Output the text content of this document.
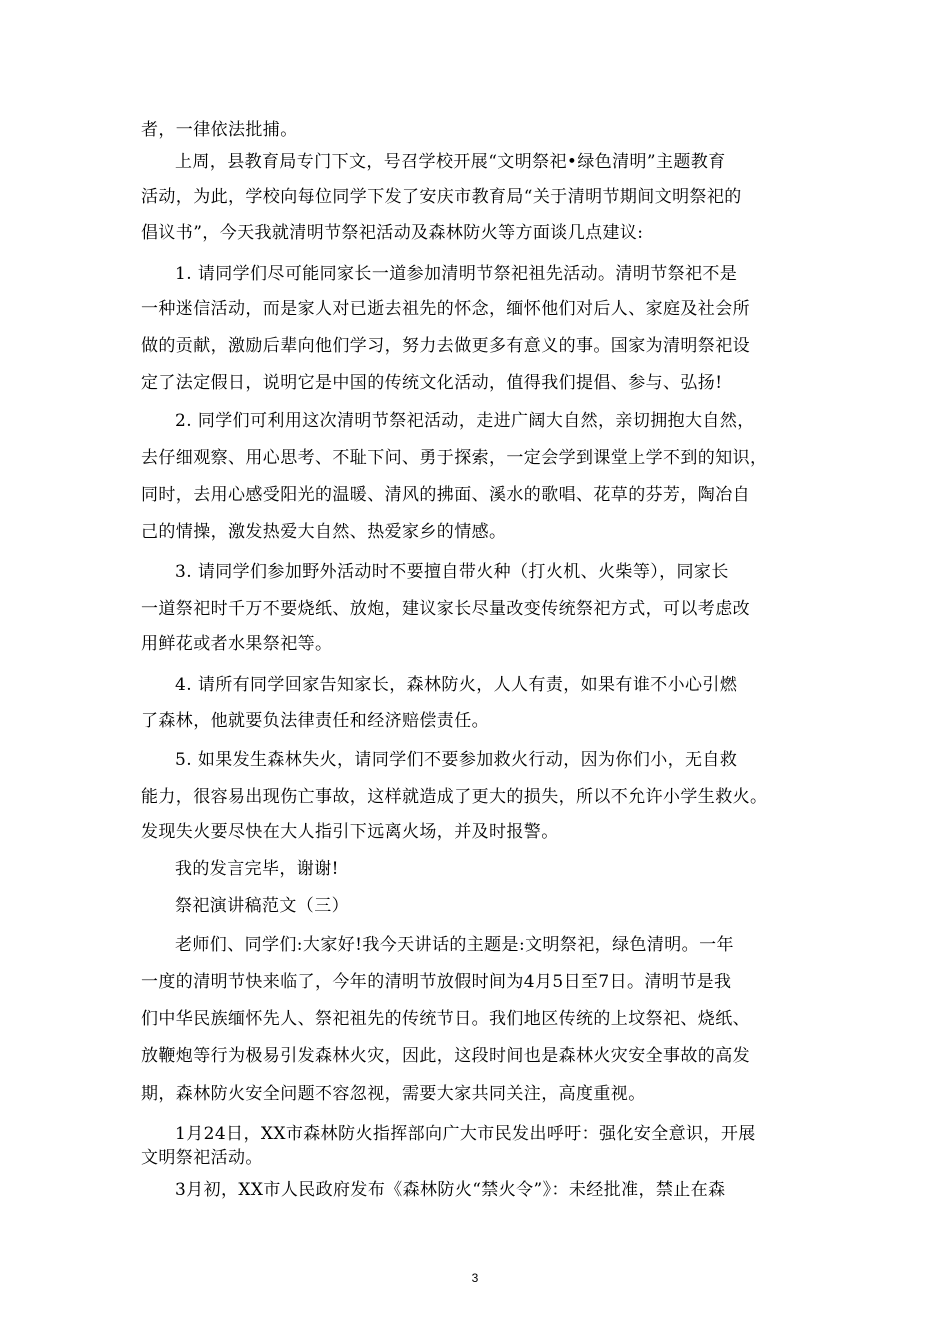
者，一律依法批捕。
上周，县教育局专门下文，号召学校开展“文明祭祀•绿色清明”主题教育
活动，为此，学校向每位同学下发了安庆市教育局“关于清明节期间文明祭祀的
倡议书”，今天我就清明节祭祀活动及森林防火等方面谈几点建议:
1. 请同学们尽可能同家长一道参加清明节祭祀祖先活动。清明节祭祀不是
一种迷信活动，而是家人对已逝去祖先的怀念，缅怀他们对后人、家庭及社会所
做的贡献，激励后辈向他们学习，努力去做更多有意义的事。国家为清明祭祀设
定了法定假日，说明它是中国的传统文化活动，值得我们提倡、参与、弘扬!
2. 同学们可利用这次清明节祭祀活动，走进广阔大自然，亲切拥抱大自然，
去仔细观察、用心思考、不耻下问、勇于探索，一定会学到课堂上学不到的知识，
同时，去用心感受阳光的温暖、清风的拂面、溪水的歌唱、花草的芬芳，陶冶自
己的情操，激发热爱大自然、热爱家乡的情感。
3. 请同学们参加野外活动时不要擅自带火种（打火机、火柴等），同家长
一道祭祀时千万不要烧纸、放炮，建议家长尽量改变传统祭祀方式，可以考虑改
用鲜花或者水果祭祀等。
4. 请所有同学回家告知家长，森林防火，人人有责，如果有谁不小心引燃
了森林，他就要负法律责任和经济赔偿责任。
5. 如果发生森林失火，请同学们不要参加救火行动，因为你们小，无自救
能力，很容易出现伤亡事故，这样就造成了更大的损失，所以不允许小学生救火。
发现失火要尽快在大人指引下远离火场，并及时报警。
我的发言完毕，谢谢!
祭祀演讲稿范文（三）
老师们、同学们:大家好!我今天讲话的主题是:文明祭祀，绿色清明。一年
一度的清明节快来临了，今年的清明节放假时间为4月5日至7日。清明节是我
们中华民族缅怀先人、祭祀祖先的传统节日。我们地区传统的上坟祭祀、烧纸、
放鞭炮等行为极易引发森林火灾，因此，这段时间也是森林火灾安全事故的高发
期，森林防火安全问题不容忽视，需要大家共同关注，高度重视。
1月24日，XX市森林防火指挥部向广大市民发出呼吁：强化安全意识，开展
文明祭祀活动。
3月初，XX市人民政府发布《森林防火“禁火令”》：未经批准，禁止在森
3
